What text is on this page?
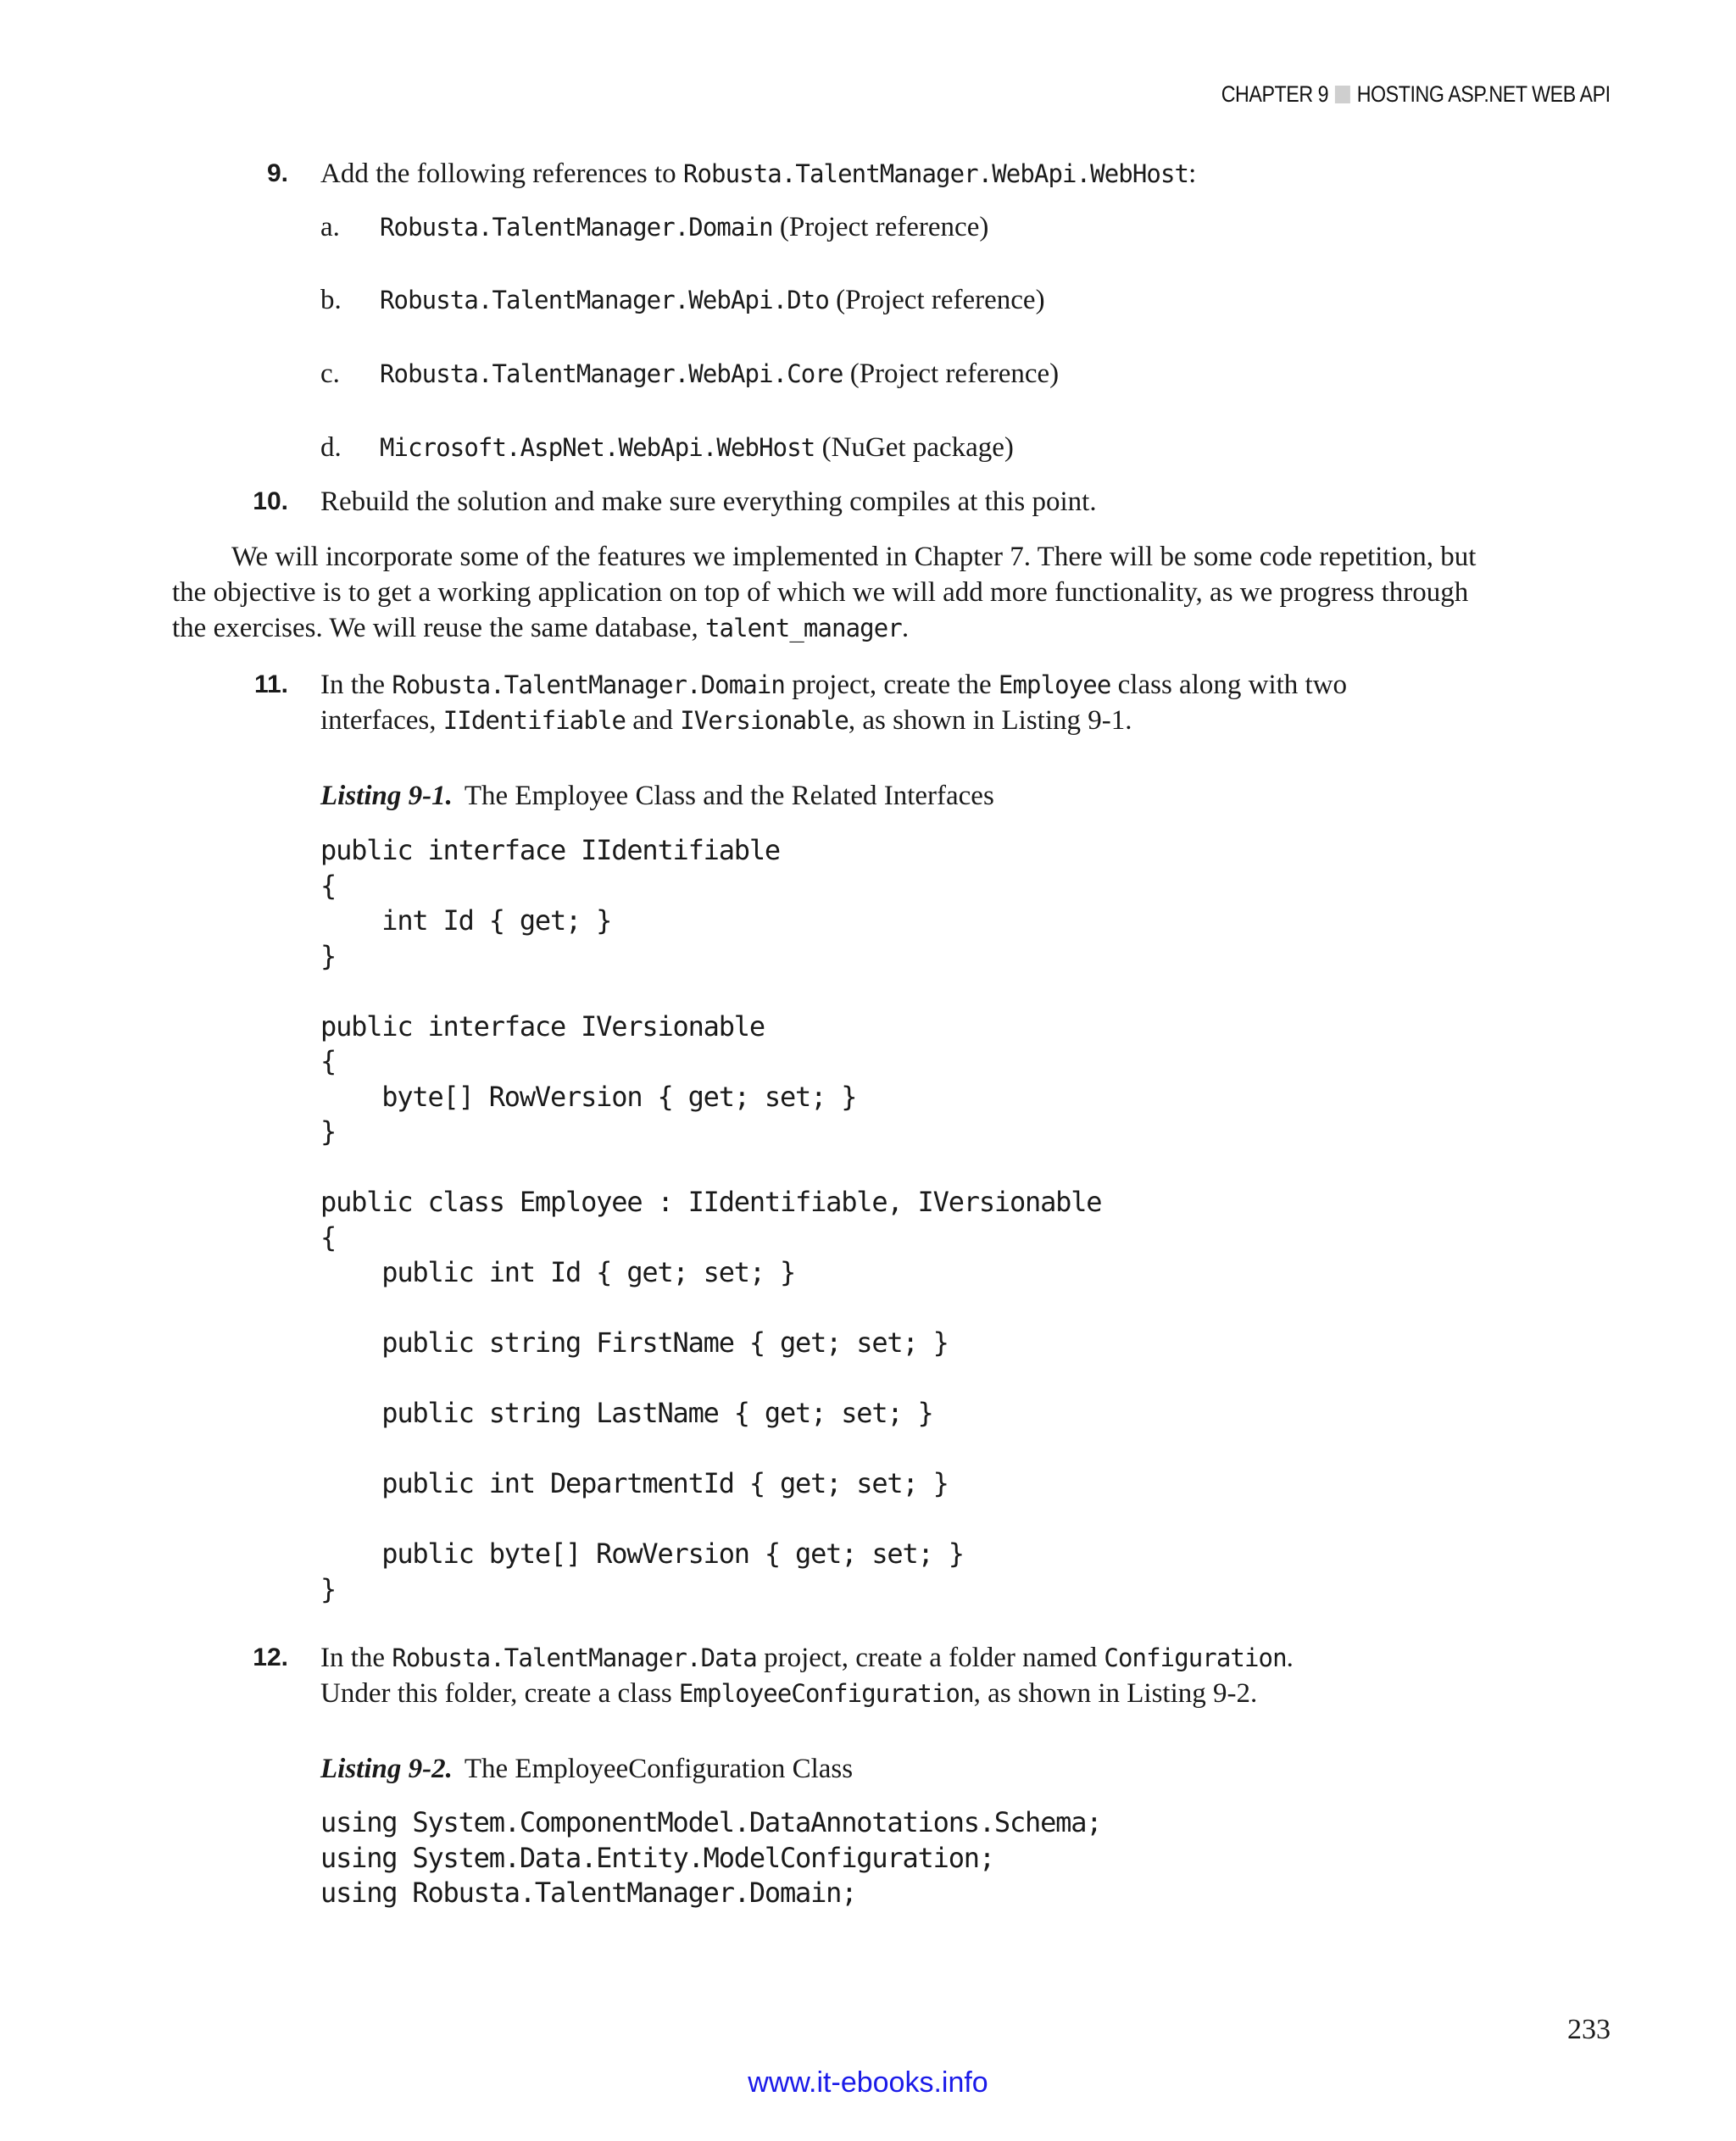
CHAPTER 9 HOSTING ASP.NET WEB API
9. Add the following references to Robusta.TalentManager.WebApi.WebHost:
a. Robusta.TalentManager.Domain (Project reference)
b. Robusta.TalentManager.WebApi.Dto (Project reference)
c. Robusta.TalentManager.WebApi.Core (Project reference)
d. Microsoft.AspNet.WebApi.WebHost (NuGet package)
10. Rebuild the solution and make sure everything compiles at this point.
We will incorporate some of the features we implemented in Chapter 7. There will be some code repetition, but
the objective is to get a working application on top of which we will add more functionality, as we progress through
the exercises. We will reuse the same database, talent_manager.
11. In the Robusta.TalentManager.Domain project, create the Employee class along with two
interfaces, IIdentifiable and IVersionable, as shown in Listing 9-1.
Listing 9-1. The Employee Class and the Related Interfaces
public interface IIdentifiable
{
int Id { get; }
}

public interface IVersionable
{
byte[] RowVersion { get; set; }
}

public class Employee : IIdentifiable, IVersionable
{
public int Id { get; set; }

public string FirstName { get; set; }

public string LastName { get; set; }

public int DepartmentId { get; set; }

public byte[] RowVersion { get; set; }
}
12. In the Robusta.TalentManager.Data project, create a folder named Configuration.
Under this folder, create a class EmployeeConfiguration, as shown in Listing 9-2.
Listing 9-2. The EmployeeConfiguration Class
using System.ComponentModel.DataAnnotations.Schema;
using System.Data.Entity.ModelConfiguration;
using Robusta.TalentManager.Domain;
233
www.it-ebooks.info
